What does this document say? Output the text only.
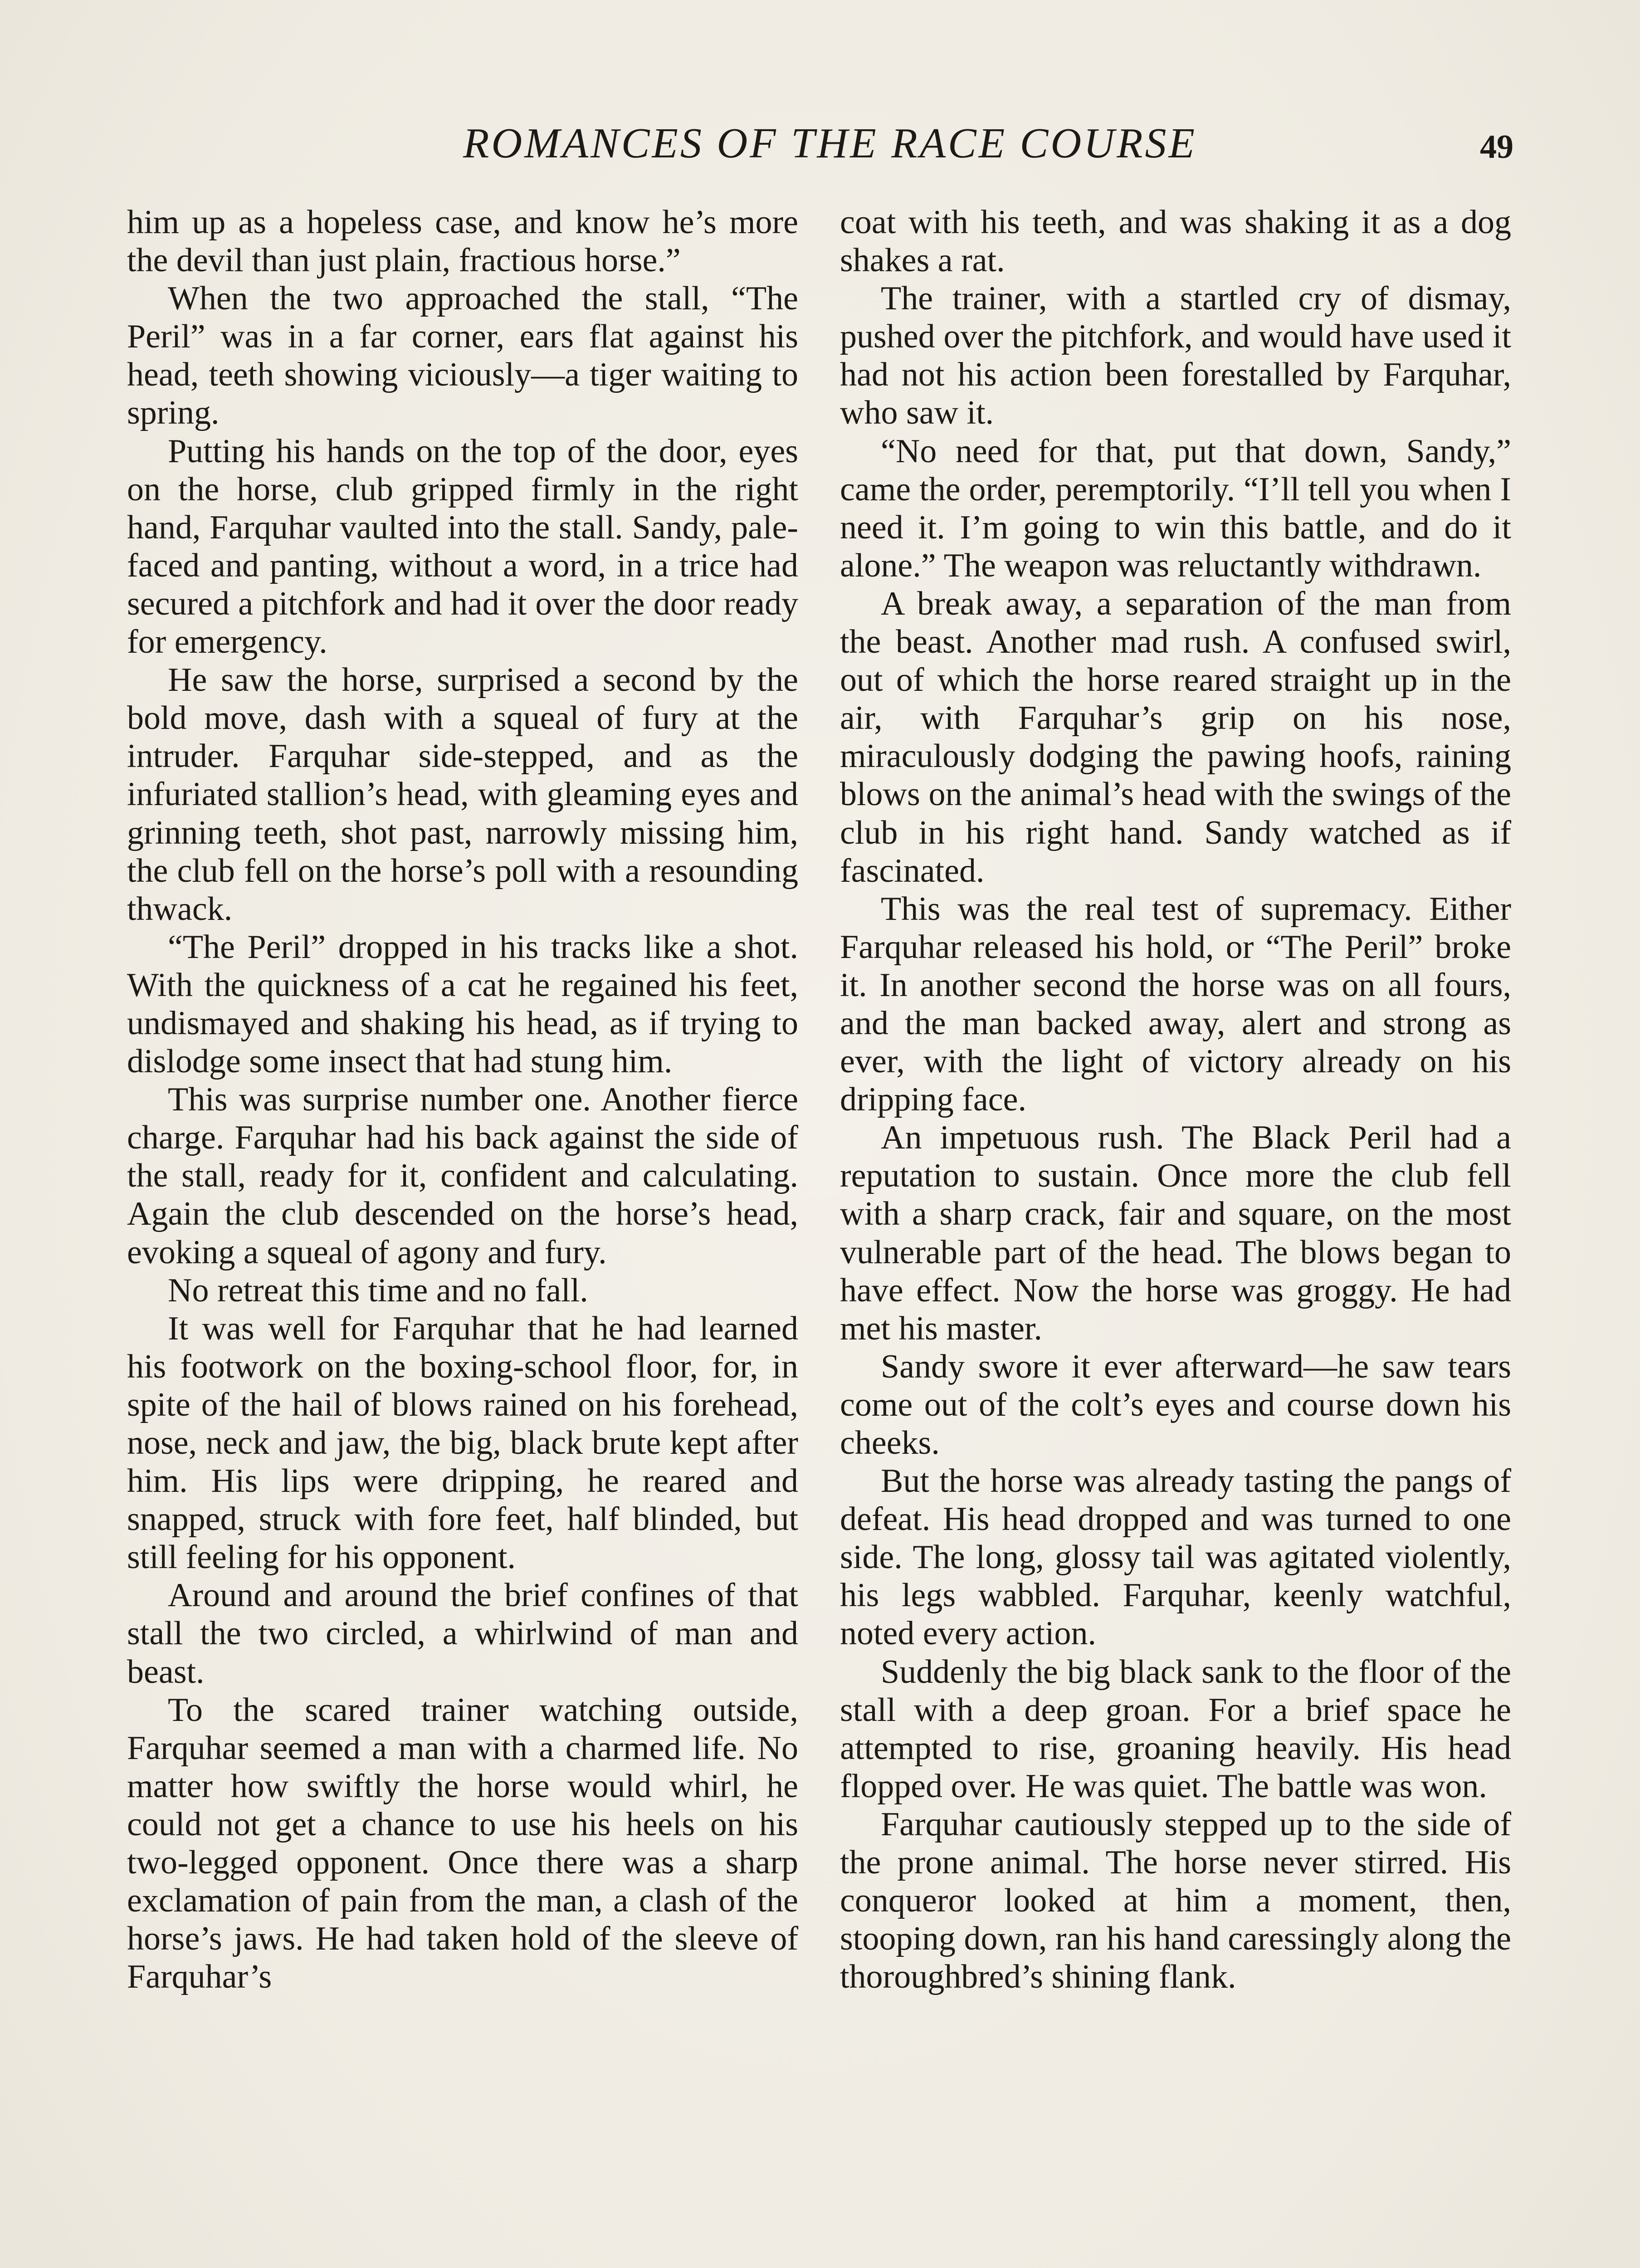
ROMANCES OF THE RACE COURSE	49

him up as a hopeless case, and know he’s more the devil than just plain, fractious horse.”

When the two approached the stall, “The Peril” was in a far corner, ears flat against his head, teeth showing viciously—a tiger waiting to spring.

Putting his hands on the top of the door, eyes on the horse, club gripped firmly in the right hand, Farquhar vaulted into the stall. Sandy, pale-faced and panting, without a word, in a trice had secured a pitchfork and had it over the door ready for emergency.

He saw the horse, surprised a second by the bold move, dash with a squeal of fury at the intruder. Farquhar side-stepped, and as the infuriated stallion’s head, with gleaming eyes and grinning teeth, shot past, narrowly missing him, the club fell on the horse’s poll with a resounding thwack.

“The Peril” dropped in his tracks like a shot. With the quickness of a cat he regained his feet, undismayed and shaking his head, as if trying to dislodge some insect that had stung him.

This was surprise number one. Another fierce charge. Farquhar had his back against the side of the stall, ready for it, confident and calculating. Again the club descended on the horse’s head, evoking a squeal of agony and fury.

No retreat this time and no fall.

It was well for Farquhar that he had learned his footwork on the boxing-school floor, for, in spite of the hail of blows rained on his forehead, nose, neck and jaw, the big, black brute kept after him. His lips were dripping, he reared and snapped, struck with fore feet, half blinded, but still feeling for his opponent.

Around and around the brief confines of that stall the two circled, a whirlwind of man and beast.

To the scared trainer watching outside, Farquhar seemed a man with a charmed life. No matter how swiftly the horse would whirl, he could not get a chance to use his heels on his two-legged opponent. Once there was a sharp exclamation of pain from the man, a clash of the horse’s jaws. He had taken hold of the sleeve of Farquhar’s

coat with his teeth, and was shaking it as a dog shakes a rat.

The trainer, with a startled cry of dismay, pushed over the pitchfork, and would have used it had not his action been forestalled by Farquhar, who saw it.

“No need for that, put that down, Sandy,” came the order, peremptorily. “I’ll tell you when I need it. I’m going to win this battle, and do it alone.” The weapon was reluctantly withdrawn.

A break away, a separation of the man from the beast. Another mad rush. A confused swirl, out of which the horse reared straight up in the air, with Farquhar’s grip on his nose, miraculously dodging the pawing hoofs, raining blows on the animal’s head with the swings of the club in his right hand. Sandy watched as if fascinated.

This was the real test of supremacy. Either Farquhar released his hold, or “The Peril” broke it. In another second the horse was on all fours, and the man backed away, alert and strong as ever, with the light of victory already on his dripping face.

An impetuous rush. The Black Peril had a reputation to sustain. Once more the club fell with a sharp crack, fair and square, on the most vulnerable part of the head. The blows began to have effect. Now the horse was groggy. He had met his master.

Sandy swore it ever afterward—he saw tears come out of the colt’s eyes and course down his cheeks.

But the horse was already tasting the pangs of defeat. His head dropped and was turned to one side. The long, glossy tail was agitated violently, his legs wabbled. Farquhar, keenly watchful, noted every action.

Suddenly the big black sank to the floor of the stall with a deep groan. For a brief space he attempted to rise, groaning heavily. His head flopped over. He was quiet. The battle was won.

Farquhar cautiously stepped up to the side of the prone animal. The horse never stirred. His conqueror looked at him a moment, then, stooping down, ran his hand caressingly along the thoroughbred’s shining flank.
